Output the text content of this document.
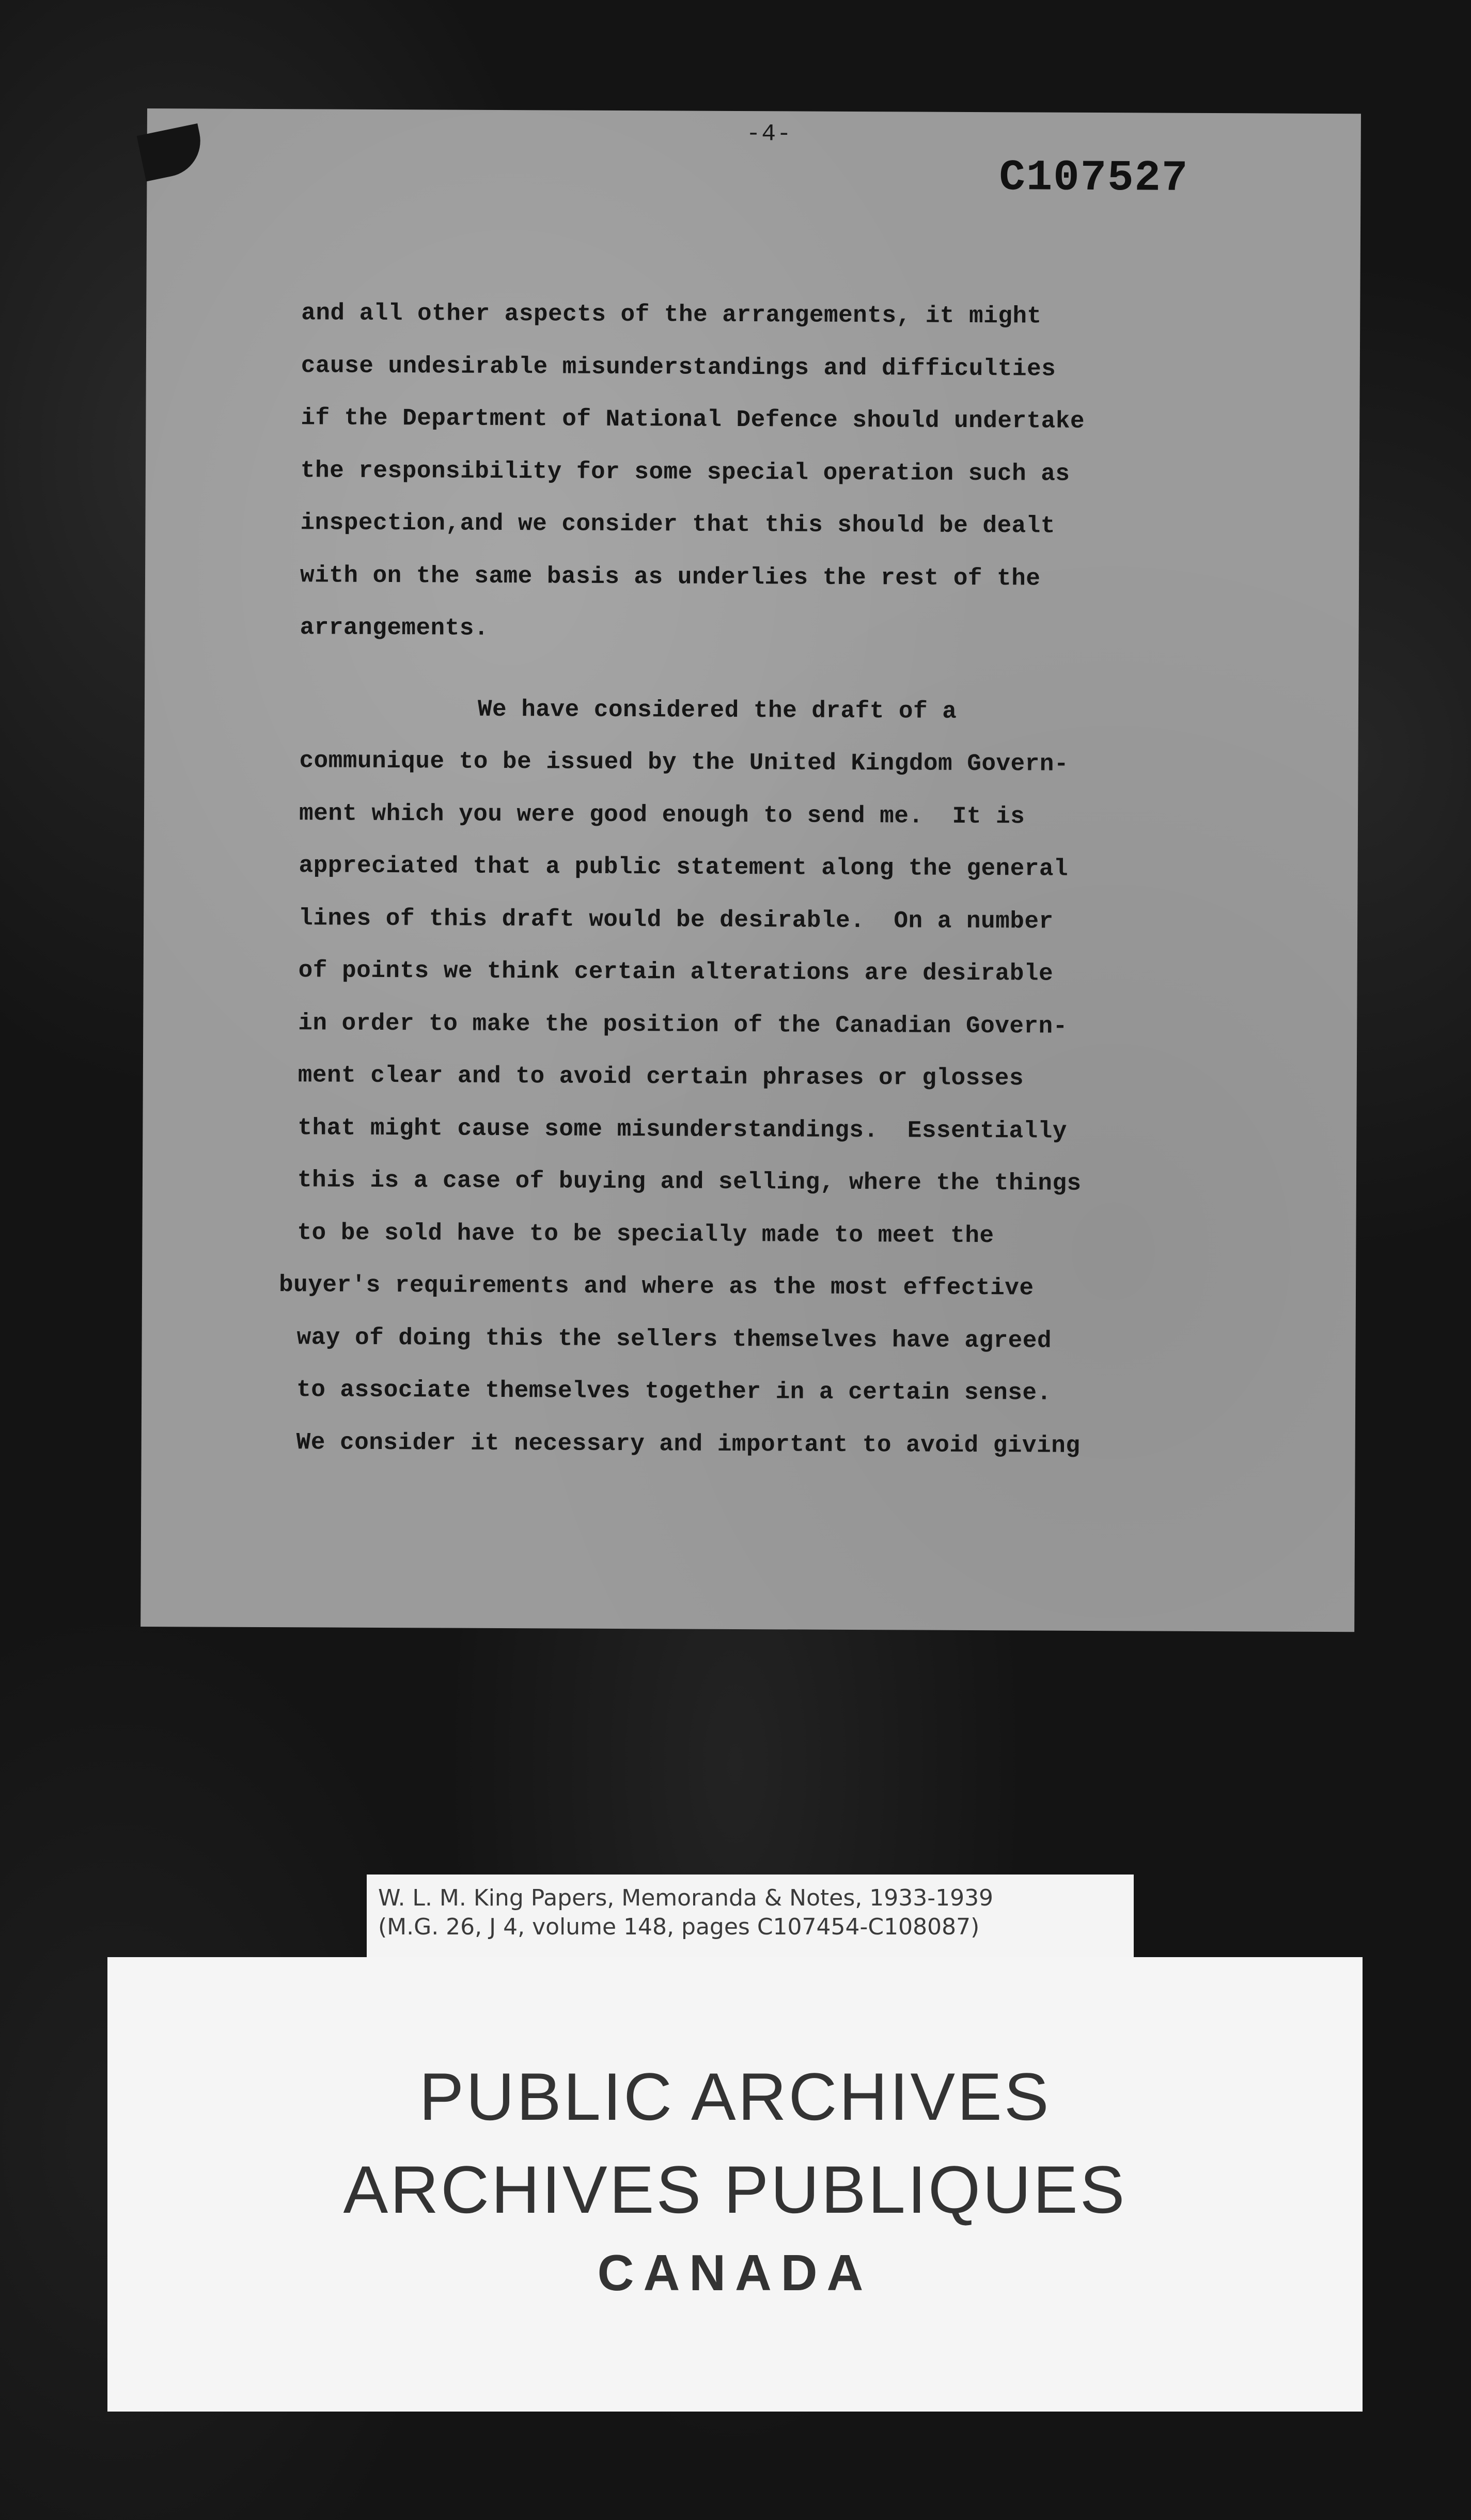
-4-
C107527
and all other aspects of the arrangements, it might
cause undesirable misunderstandings and difficulties
if the Department of National Defence should undertake
the responsibility for some special operation such as
inspection,and we consider that this should be dealt
with on the same basis as underlies the rest of the
arrangements.
We have considered the draft of a
communique to be issued by the United Kingdom Govern-
ment which you were good enough to send me.  It is
appreciated that a public statement along the general
lines of this draft would be desirable.  On a number
of points we think certain alterations are desirable
in order to make the position of the Canadian Govern-
ment clear and to avoid certain phrases or glosses
that might cause some misunderstandings.  Essentially
this is a case of buying and selling, where the things
to be sold have to be specially made to meet the
buyer's requirements and where as the most effective
way of doing this the sellers themselves have agreed
to associate themselves together in a certain sense.
We consider it necessary and important to avoid giving
W. L. M. King Papers, Memoranda & Notes, 1933-1939
(M.G. 26, J 4, volume 148, pages C107454-C108087)
PUBLIC ARCHIVES
ARCHIVES PUBLIQUES
CANADA
